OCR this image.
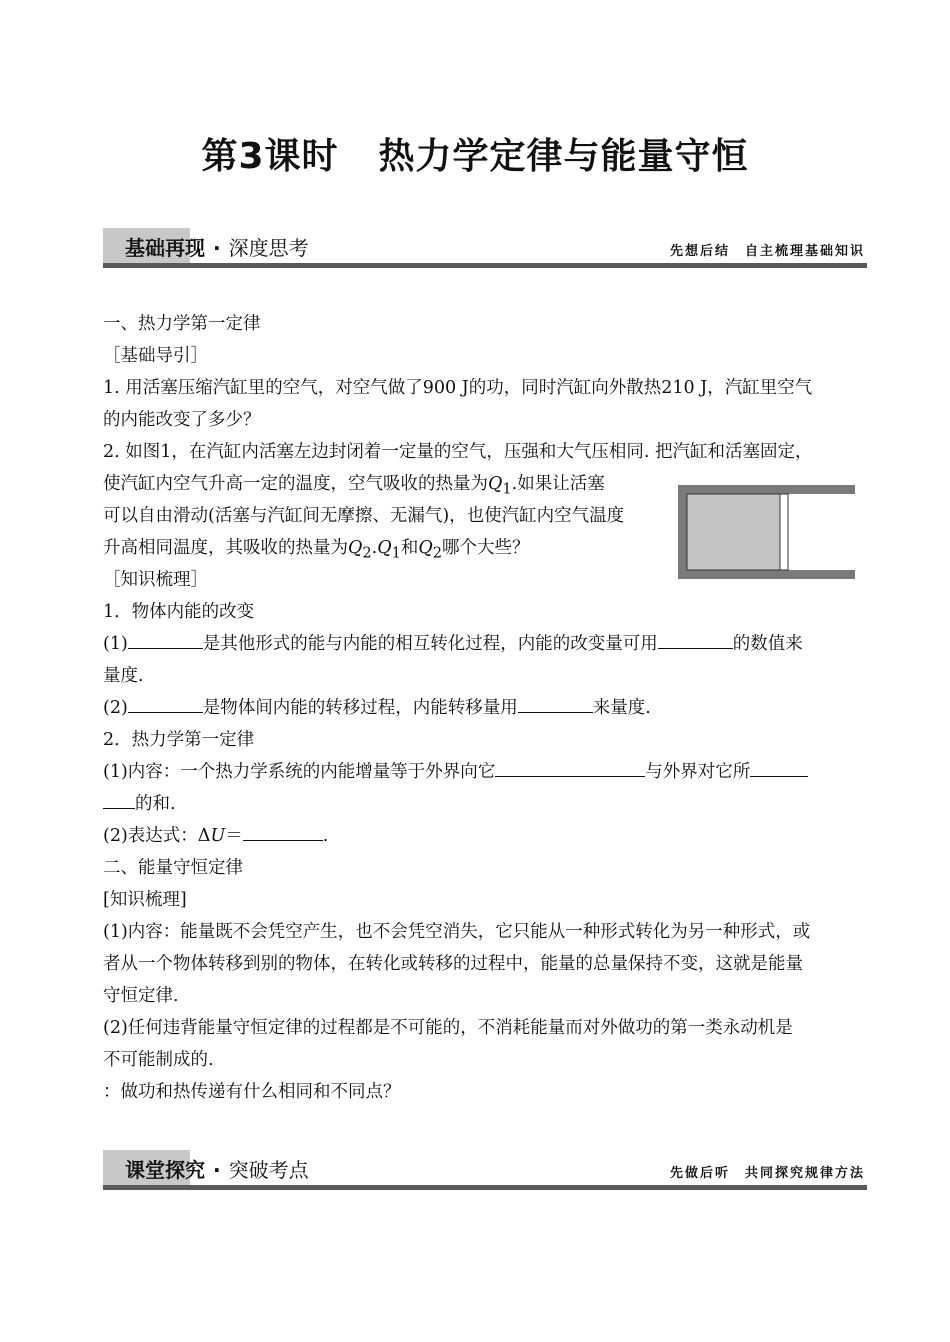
第3课时 热力学定律与能量守恒
基础再现 · 深度思考	先想后结　自主梳理基础知识
一、热力学第一定律
［基础导引］
1. 用活塞压缩汽缸里的空气，对空气做了900 J的功，同时汽缸向外散热210 J，汽缸里空气
的内能改变了多少？
2. 如图1，在汽缸内活塞左边封闭着一定量的空气，压强和大气压相同. 把汽缸和活塞固定，
使汽缸内空气升高一定的温度，空气吸收的热量为$Q_1$.如果让活塞
可以自由滑动(活塞与汽缸间无摩擦、无漏气)，也使汽缸内空气温度
升高相同温度，其吸收的热量为$Q_2.Q_1$和$Q_2$哪个大些？
［知识梳理］
1．物体内能的改变
(1)	是其他形式的能与内能的相互转化过程，内能的改变量可用	的数值来
量度.
(2)	是物体间内能的转移过程，内能转移量用	来量度.
2．热力学第一定律
(1)内容：一个热力学系统的内能增量等于外界向它	与外界对它所
的和.
(2)表达式：ΔU＝	.
二、能量守恒定律
[知识梳理]
(1)内容：能量既不会凭空产生，也不会凭空消失，它只能从一种形式转化为另一种形式，或
者从一个物体转移到别的物体，在转化或转移的过程中，能量的总量保持不变，这就是能量
守恒定律.
(2)任何违背能量守恒定律的过程都是不可能的，不消耗能量而对外做功的第一类永动机是
不可能制成的.
：做功和热传递有什么相同和不同点？
课堂探究 · 突破考点	先做后听　共同探究规律方法
